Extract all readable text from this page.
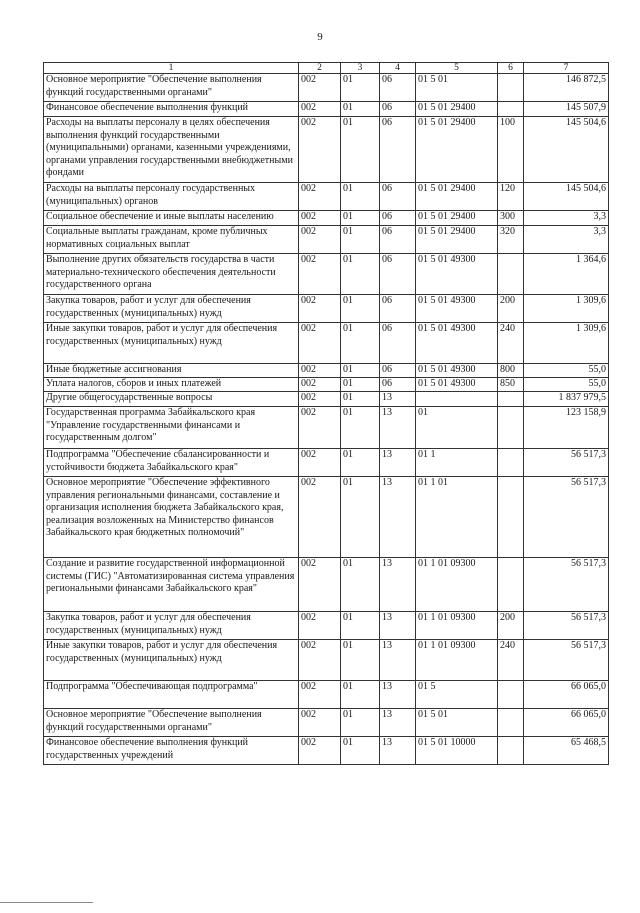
9
1	2	3	4	5	6	7
Основное мероприятие "Обеспечение выполнения функций государственными органами"	002	01	06	01 5 01		146 872,5
Финансовое обеспечение выполнения функций	002	01	06	01 5 01 29400		145 507,9
Расходы на выплаты персоналу в целях обеспечения выполнения функций государственными (муниципальными) органами, казенными учреждениями, органами управления государственными внебюджетными фондами	002	01	06	01 5 01 29400	100	145 504,6
Расходы на выплаты персоналу государственных (муниципальных) органов	002	01	06	01 5 01 29400	120	145 504,6
Социальное обеспечение и иные выплаты населению	002	01	06	01 5 01 29400	300	3,3
Социальные выплаты гражданам, кроме публичных нормативных социальных выплат	002	01	06	01 5 01 29400	320	3,3
Выполнение других обязательств государства в части материально-технического обеспечения деятельности государственного органа	002	01	06	01 5 01 49300		1 364,6
Закупка товаров, работ и услуг для обеспечения государственных (муниципальных) нужд	002	01	06	01 5 01 49300	200	1 309,6
Иные закупки товаров, работ и услуг для обеспечения государственных (муниципальных) нужд	002	01	06	01 5 01 49300	240	1 309,6
Иные бюджетные ассигнования	002	01	06	01 5 01 49300	800	55,0
Уплата налогов, сборов и иных платежей	002	01	06	01 5 01 49300	850	55,0
Другие общегосударственные вопросы	002	01	13			1 837 979,5
Государственная программа Забайкальского края "Управление государственными финансами и государственным долгом"	002	01	13	01		123 158,9
Подпрограмма "Обеспечение сбалансированности и устойчивости бюджета Забайкальского края"	002	01	13	01 1		56 517,3
Основное мероприятие "Обеспечение эффективного управления региональными финансами, составление и организация исполнения бюджета Забайкальского края, реализация возложенных на Министерство финансов Забайкальского края бюджетных полномочий"	002	01	13	01 1 01		56 517,3
Создание и развитие государственной информационной системы (ГИС) "Автоматизированная система управления региональными финансами Забайкальского края"	002	01	13	01 1 01 09300		56 517,3
Закупка товаров, работ и услуг для обеспечения государственных (муниципальных) нужд	002	01	13	01 1 01 09300	200	56 517,3
Иные закупки товаров, работ и услуг для обеспечения государственных (муниципальных) нужд	002	01	13	01 1 01 09300	240	56 517,3
Подпрограмма "Обеспечивающая подпрограмма"	002	01	13	01 5		66 065,0
Основное мероприятие "Обеспечение выполнения функций государственными органами"	002	01	13	01 5 01		66 065,0
Финансовое обеспечение выполнения функций государственных учреждений	002	01	13	01 5 01 10000		65 468,5
